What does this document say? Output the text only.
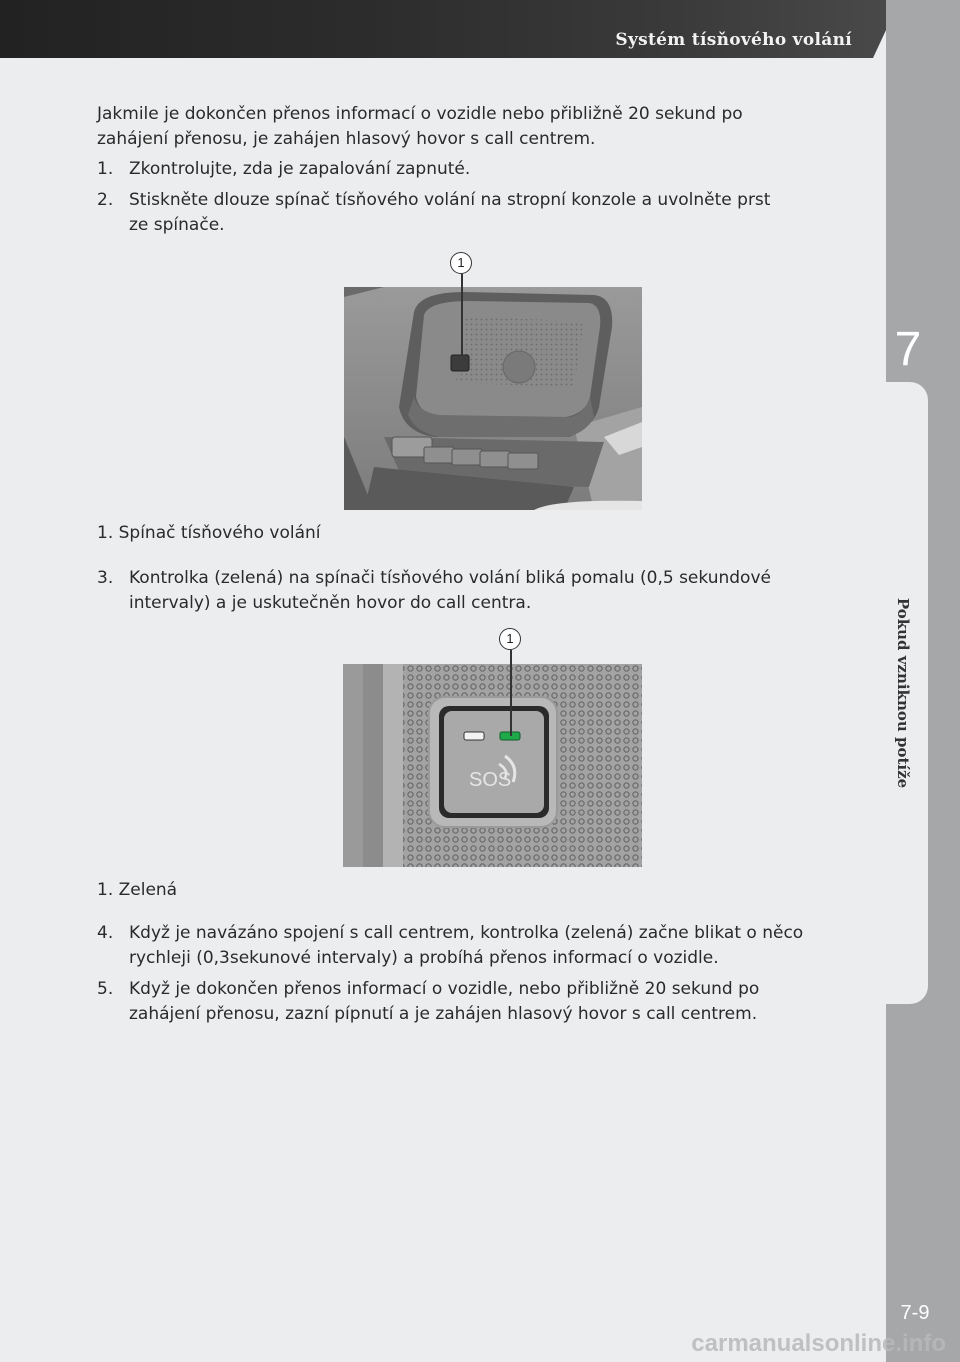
Systém tísňového volání
7
Pokud vzniknou potíže
7-9
carmanualsonline.info
Jakmile je dokončen přenos informací o vozidle nebo přibližně 20 sekund po
zahájení přenosu, je zahájen hlasový hovor s call centrem.
1. Zkontrolujte, zda je zapalování zapnuté.
2. Stiskněte dlouze spínač tísňového volání na stropní konzole a uvolněte prst
ze spínače.
1
1. Spínač tísňového volání
3. Kontrolka (zelená) na spínači tísňového volání bliká pomalu (0,5 sekundové
intervaly) a je uskutečněn hovor do call centra.
1
SOS
1. Zelená
4. Když je navázáno spojení s call centrem, kontrolka (zelená) začne blikat o něco
rychleji (0,3sekunové intervaly) a probíhá přenos informací o vozidle.
5. Když je dokončen přenos informací o vozidle, nebo přibližně 20 sekund po
zahájení přenosu, zazní pípnutí a je zahájen hlasový hovor s call centrem.
